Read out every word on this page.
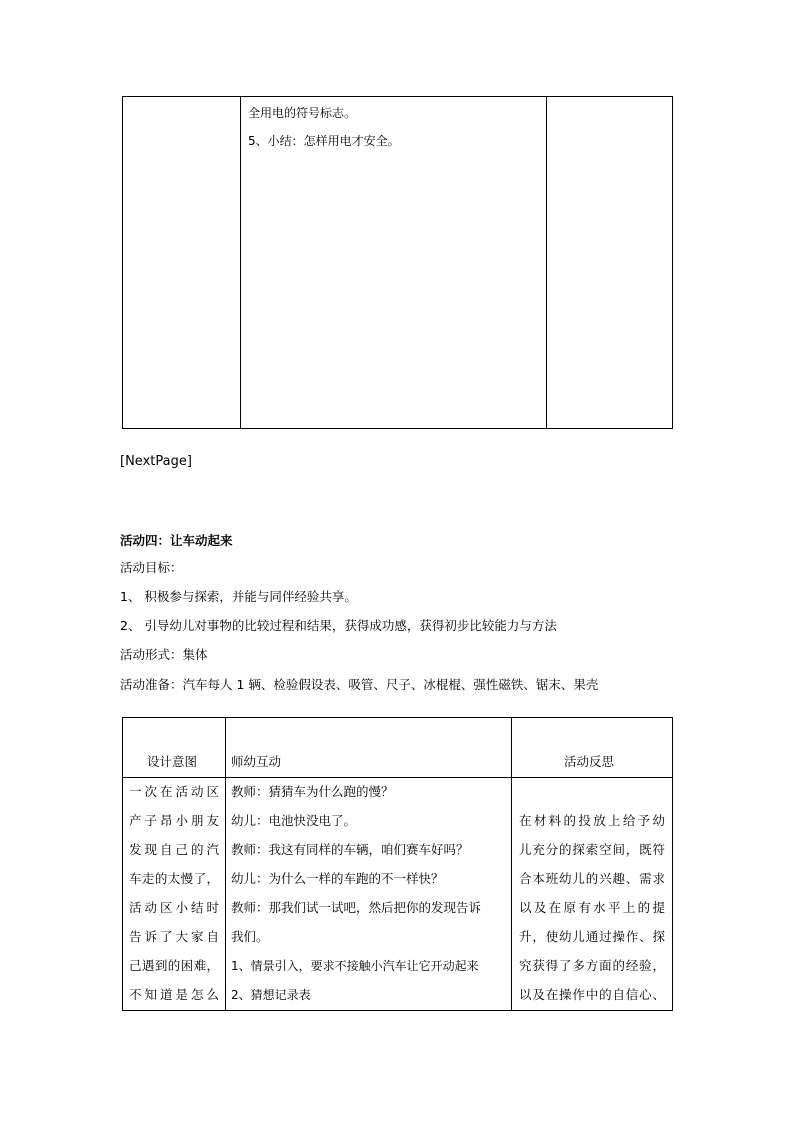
全用电的符号标志。
5、小结：怎样用电才安全。
[NextPage]
活动四：让车动起来
活动目标：
1、 积极参与探索，并能与同伴经验共享。
2、 引导幼儿对事物的比较过程和结果，获得成功感，获得初步比较能力与方法
活动形式：集体
活动准备：汽车每人 1 辆、检验假设表、吸管、尺子、冰棍棍、强性磁铁、锯末、果壳
设计意图	师幼互动	活动反思
一次在活动区
产子昂小朋友
发现自己的汽
车走的太慢了，
活动区小结时
告诉了大家自
己遇到的困难，
不知道是怎么
教师：猜猜车为什么跑的慢？
幼儿：电池快没电了。
教师：我这有同样的车辆，咱们赛车好吗？
幼儿：为什么一样的车跑的不一样快？
教师：那我们试一试吧，然后把你的发现告诉
我们。
1、情景引入，要求不接触小汽车让它开动起来
2、猜想记录表
在材料的投放上给予幼
儿充分的探索空间，既符
合本班幼儿的兴趣、需求
以及在原有水平上的提
升，使幼儿通过操作、探
究获得了多方面的经验，
以及在操作中的自信心、
